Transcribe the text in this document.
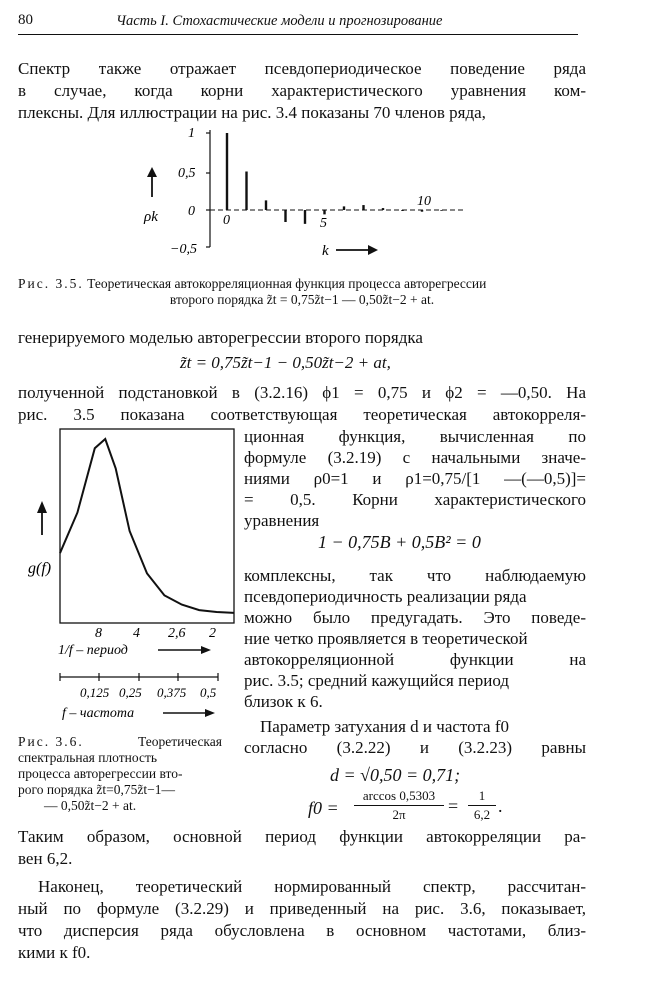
80	Часть I. Стохастические модели и прогнозирование
Спектр также отражает псевдопериодическое поведение ряда
в случае, когда корни характеристического уравнения ком-
плексны. Для иллюстрации на рис. 3.4 показаны 70 членов ряда,
1
0,5
0
−0,5
ρk	0	5
10
k
Рис. 3.5. Теоретическая автокорреляционная функция процесса авторегрессии
второго порядка z̃t = 0,75z̃t−1 — 0,50z̃t−2 + at.
генерируемого моделью авторегрессии второго порядка
z̃t = 0,75z̃t−1 − 0,50z̃t−2 + at,
полученной подстановкой в (3.2.16) ϕ1 = 0,75 и ϕ2 = —0,50. На
рис. 3.5 показана соответствующая теоретическая автокорреля-
g(f)
8 4 2,6 2
1/f – период
0,125 0,25 0,375 0,5
f – частота
Рис. 3.6.	Теоретическая
спектральная плотность
процесса авторегрессии вто-
рого порядка z̃t=0,75z̃t−1—
— 0,50z̃t−2 + at.
ционная функция, вычисленная по
формуле (3.2.19) с начальными значе-
ниями ρ0=1 и ρ1=0,75/[1 —(—0,5)]=
= 0,5. Корни характеристического
уравнения
1 − 0,75B + 0,5B² = 0
комплексны, так что наблюдаемую
псевдопериодичность реализации ряда
можно было предугадать. Это поведе-
ние четко проявляется в теоретической
автокорреляционной функции на
рис. 3.5; средний кажущийся период
близок к 6.
Параметр затухания d и частота f0
согласно (3.2.22) и (3.2.23) равны
d = √0,50 = 0,71;
f0 =
arccos 0,5303
2π	=
1
6,2 .
Таким образом, основной период функции автокорреляции ра-
вен 6,2.
Наконец, теоретический нормированный спектр, рассчитан-
ный по формуле (3.2.29) и приведенный на рис. 3.6, показывает,
что дисперсия ряда обусловлена в основном частотами, близ-
кими к f0.
